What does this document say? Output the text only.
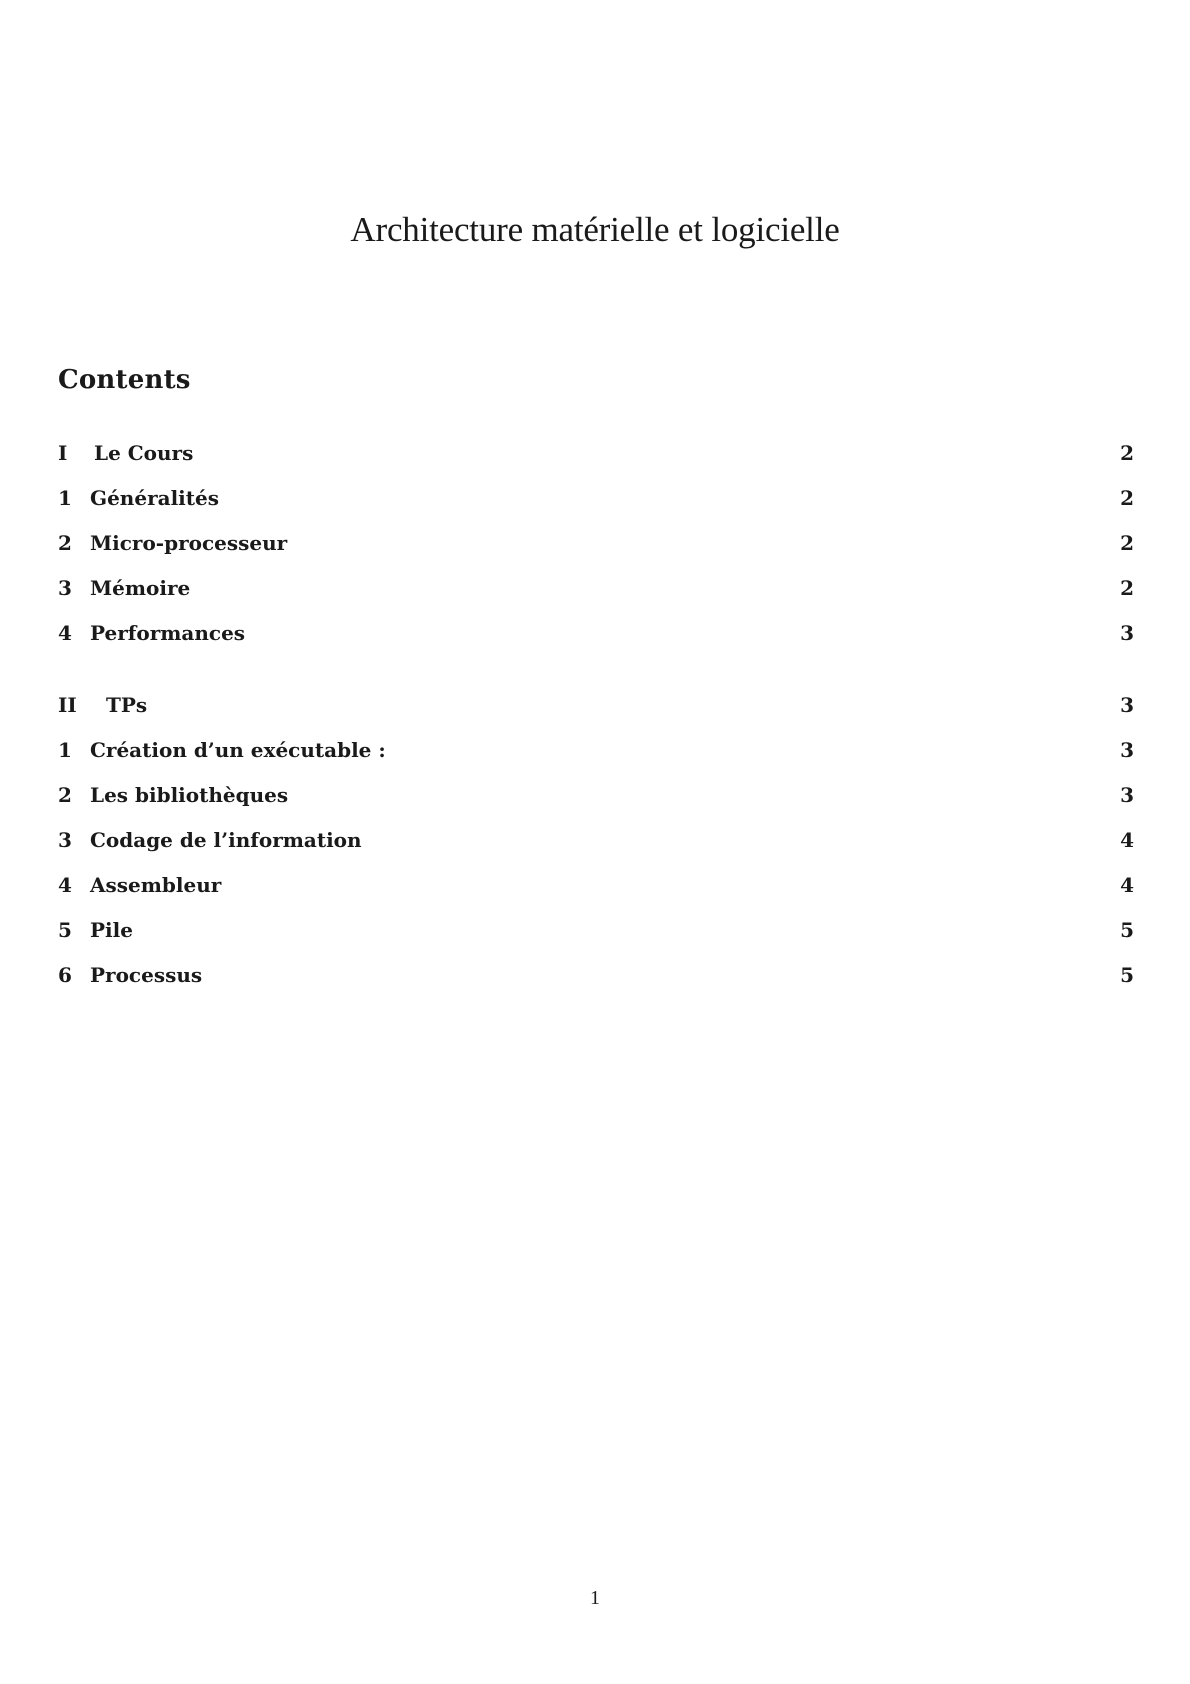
Architecture matérielle et logicielle
Contents
I Le Cours	2
1 Généralités	2
2 Micro-processeur	2
3 Mémoire	2
4 Performances	3
II TPs	3
1 Création d’un exécutable :	3
2 Les bibliothèques	3
3 Codage de l’information	4
4 Assembleur	4
5 Pile	5
6 Processus	5
1
